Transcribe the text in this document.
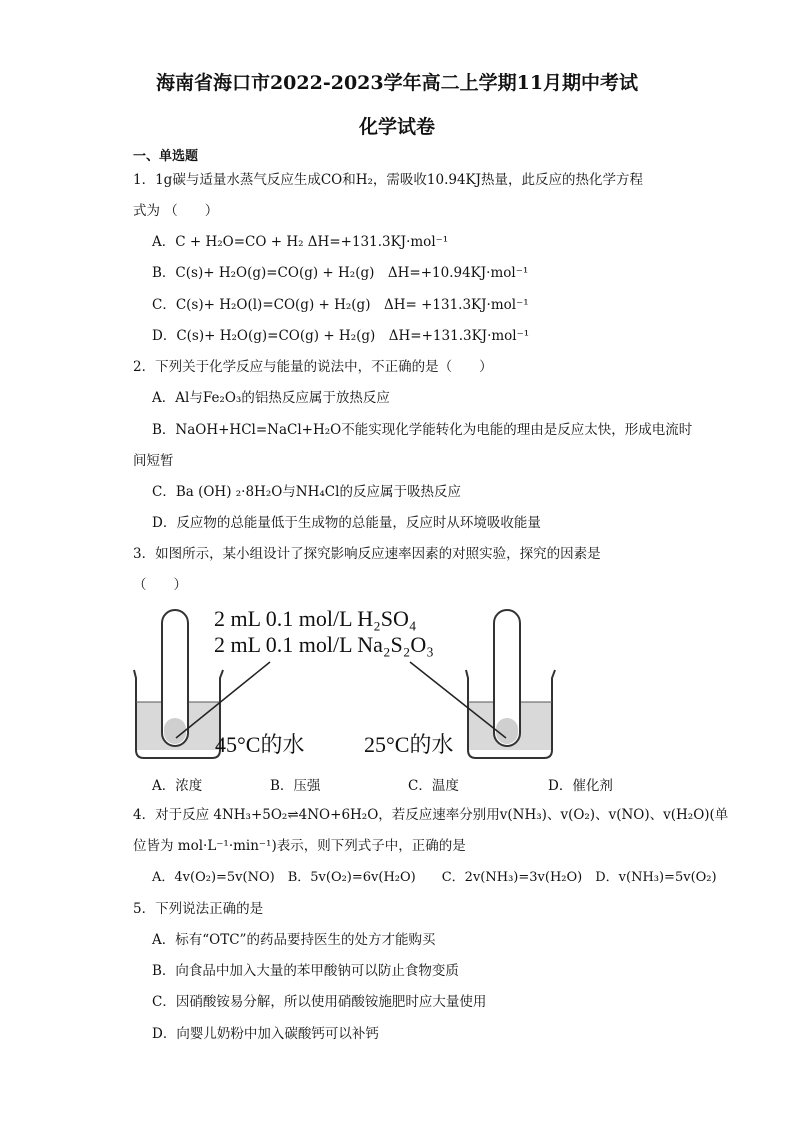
海南省海口市2022-2023学年高二上学期11月期中考试
化学试卷
一、单选题
1．1g碳与适量水蒸气反应生成CO和H₂，需吸收10.94KJ热量，此反应的热化学方程
式为 （　　）
A．C + H₂O=CO + H₂ ΔH=+131.3KJ·mol⁻¹
B．C(s)+ H₂O(g)=CO(g) + H₂(g)　ΔH=+10.94KJ·mol⁻¹
C．C(s)+ H₂O(l)=CO(g) + H₂(g)　ΔH= +131.3KJ·mol⁻¹
D．C(s)+ H₂O(g)=CO(g) + H₂(g)　ΔH=+131.3KJ·mol⁻¹
2．下列关于化学反应与能量的说法中，不正确的是（　　）
A．Al与Fe₂O₃的铝热反应属于放热反应
B．NaOH+HCl=NaCl+H₂O不能实现化学能转化为电能的理由是反应太快，形成电流时
间短暂
C．Ba (OH) ₂·8H₂O与NH₄Cl的反应属于吸热反应
D．反应物的总能量低于生成物的总能量，反应时从环境吸收能量
3．如图所示，某小组设计了探究影响反应速率因素的对照实验，探究的因素是
（　　）
2 mL 0.1 mol/L H₂SO₄
2 mL 0.1 mol/L Na₂S₂O₃
45°C的水	25°C的水
A．浓度	B．压强	C．温度	D．催化剂
4．对于反应 4NH₃+5O₂⇌4NO+6H₂O，若反应速率分别用v(NH₃)、v(O₂)、v(NO)、v(H₂O)(单
位皆为 mol·L⁻¹·min⁻¹)表示，则下列式子中，正确的是
A．4v(O₂)=5v(NO)　B．5v(O₂)=6v(H₂O)　　C．2v(NH₃)=3v(H₂O)　D．v(NH₃)=5v(O₂)
5．下列说法正确的是
A．标有“OTC”的药品要持医生的处方才能购买
B．向食品中加入大量的苯甲酸钠可以防止食物变质
C．因硝酸铵易分解，所以使用硝酸铵施肥时应大量使用
D．向婴儿奶粉中加入碳酸钙可以补钙
